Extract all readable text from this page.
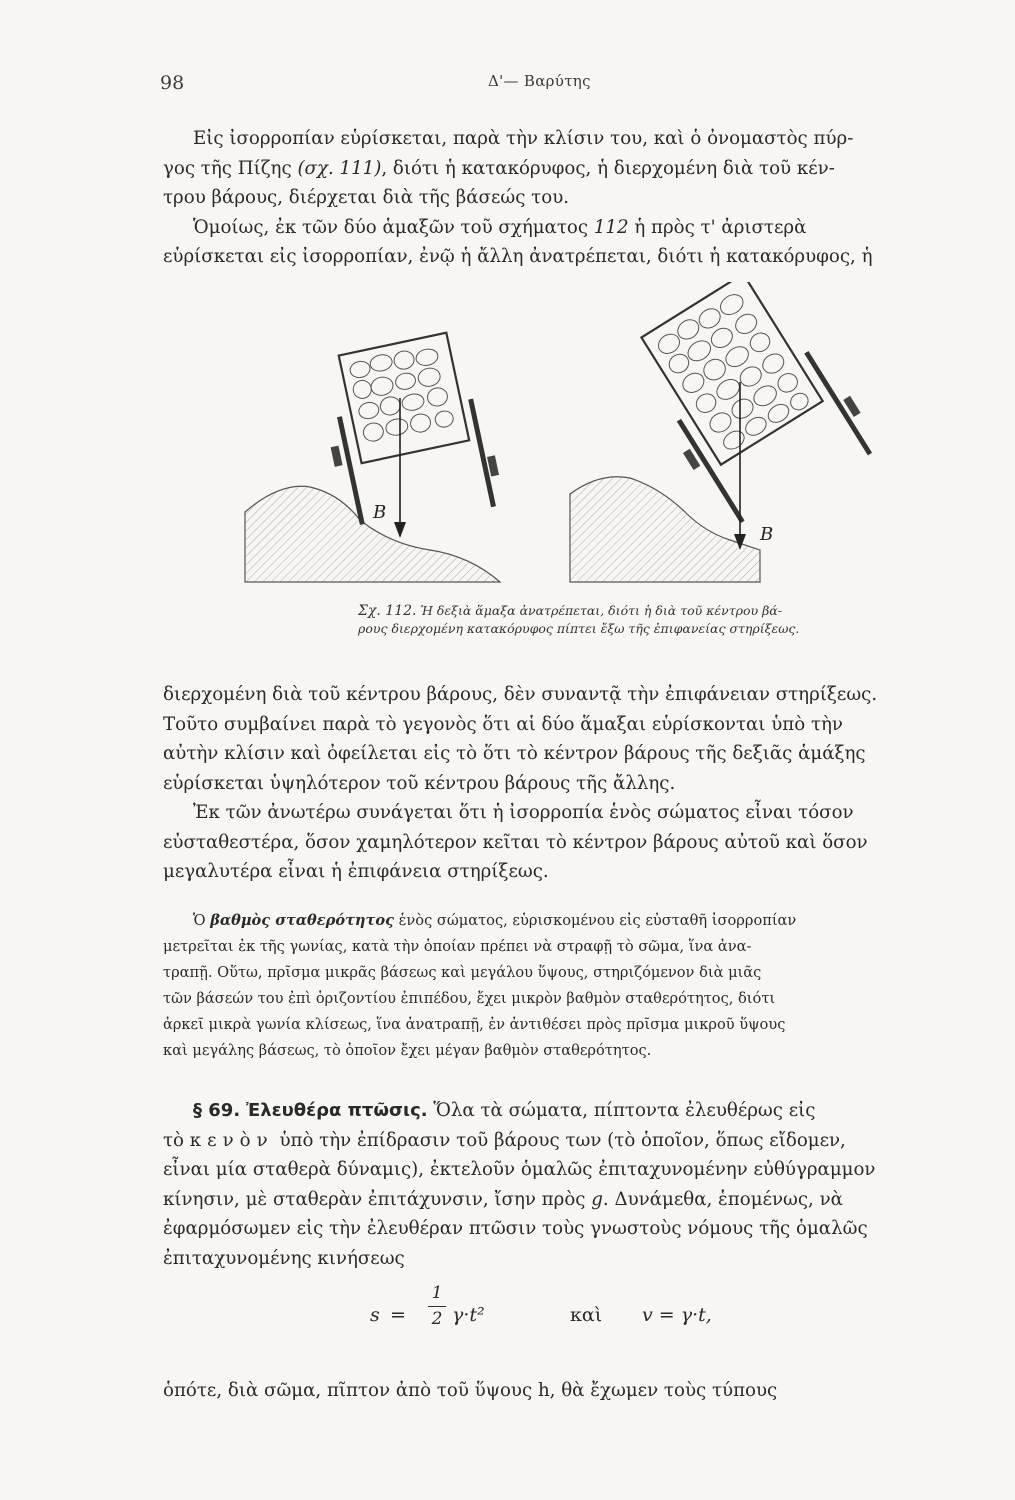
98	Δ'— Βαρύτης
Εἰς ἰσορροπίαν εὑρίσκεται, παρὰ τὴν κλίσιν του, καὶ ὁ ὀνομαστὸς πύρ-
γος τῆς Πίζης (σχ. 111), διότι ἡ κατακόρυφος, ἡ διερχομένη διὰ τοῦ κέν-
τρου βάρους, διέρχεται διὰ τῆς βάσεώς του.
Ὁμοίως, ἐκ τῶν δύο ἁμαξῶν τοῦ σχήματος 112 ἡ πρὸς τ' ἀριστερὰ
εὑρίσκεται εἰς ἰσορροπίαν, ἐνῷ ἡ ἄλλη ἀνατρέπεται, διότι ἡ κατακόρυφος, ἡ
B
B
Σχ. 112. Ἡ δεξιὰ ἅμαξα ἀνατρέπεται, διότι ἡ διὰ τοῦ κέντρου βά-
ρους διερχομένη κατακόρυφος πίπτει ἔξω τῆς ἐπιφανείας στηρίξεως.
διερχομένη διὰ τοῦ κέντρου βάρους, δὲν συναντᾷ τὴν ἐπιφάνειαν στηρίξεως.
Τοῦτο συμβαίνει παρὰ τὸ γεγονὸς ὅτι αἱ δύο ἅμαξαι εὑρίσκονται ὑπὸ τὴν
αὐτὴν κλίσιν καὶ ὀφείλεται εἰς τὸ ὅτι τὸ κέντρον βάρους τῆς δεξιᾶς ἁμάξης
εὑρίσκεται ὑψηλότερον τοῦ κέντρου βάρους τῆς ἄλλης.
Ἐκ τῶν ἀνωτέρω συνάγεται ὅτι ἡ ἰσορροπία ἑνὸς σώματος εἶναι τόσον
εὐσταθεστέρα, ὅσον χαμηλότερον κεῖται τὸ κέντρον βάρους αὐτοῦ καὶ ὅσον
μεγαλυτέρα εἶναι ἡ ἐπιφάνεια στηρίξεως.
Ὁ βαθμὸς σταθερότητος ἑνὸς σώματος, εὑρισκομένου εἰς εὐσταθῆ ἰσορροπίαν
μετρεῖται ἐκ τῆς γωνίας, κατὰ τὴν ὁποίαν πρέπει νὰ στραφῇ τὸ σῶμα, ἵνα ἀνα-
τραπῇ. Οὕτω, πρῖσμα μικρᾶς βάσεως καὶ μεγάλου ὕψους, στηριζόμενον διὰ μιᾶς
τῶν βάσεών του ἐπὶ ὁριζοντίου ἐπιπέδου, ἔχει μικρὸν βαθμὸν σταθερότητος, διότι
ἀρκεῖ μικρὰ γωνία κλίσεως, ἵνα ἀνατραπῇ, ἐν ἀντιθέσει πρὸς πρῖσμα μικροῦ ὕψους
καὶ μεγάλης βάσεως, τὸ ὁποῖον ἔχει μέγαν βαθμὸν σταθερότητος.
§ 69. Ἐλευθέρα πτῶσις. Ὅλα τὰ σώματα, πίπτοντα ἐλευθέρως εἰς
τὸ κενὸν ὑπὸ τὴν ἐπίδρασιν τοῦ βάρους των (τὸ ὁποῖον, ὅπως εἴδομεν,
εἶναι μία σταθερὰ δύναμις), ἐκτελοῦν ὁμαλῶς ἐπιταχυνομένην εὐθύγραμμον
κίνησιν, μὲ σταθερὰν ἐπιτάχυνσιν, ἴσην πρὸς g. Δυνάμεθα, ἑπομένως, νὰ
ἐφαρμόσωμεν εἰς τὴν ἐλευθέραν πτῶσιν τοὺς γνωστοὺς νόμους τῆς ὁμαλῶς
ἐπιταχυνομένης κινήσεως
s =
1
2 γ·t²	καὶ v = γ·t,
ὁπότε, διὰ σῶμα, πῖπτον ἀπὸ τοῦ ὕψους h, θὰ ἔχωμεν τοὺς τύπους
